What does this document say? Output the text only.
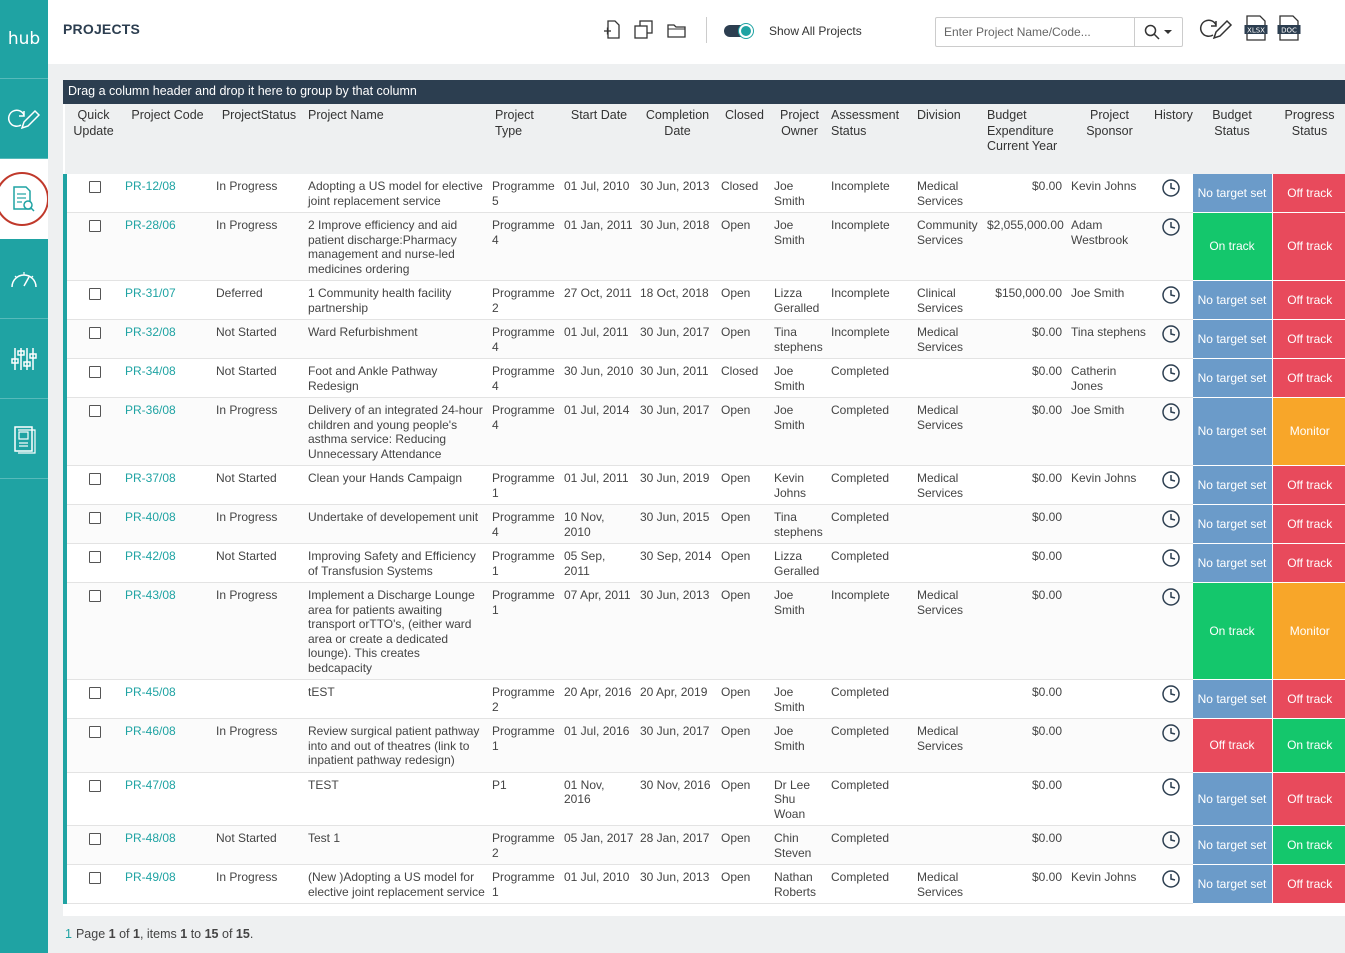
hub	PROJECTS	Show All Projects
Enter Project Name/Code...	XLSX DOC
Drag a column header and drop it here to group by that column
Quick Update	Project Code	ProjectStatus	Project Name	Project Type	Start Date	Completion Date	Closed	Project Owner	Assessment Status	Division	Budget Expenditure Current Year	Project Sponsor	History	Budget Status	Progress Status
	PR-12/08	In Progress	Adopting a US model for elective joint replacement service	Programme 5	01 Jul, 2010	30 Jun, 2013	Closed	Joe Smith	Incomplete	Medical Services	$0.00	Kevin Johns		No target set	Off track
	PR-28/06	In Progress	2 Improve efficiency and aid patient discharge:Pharmacy management and nurse-led medicines ordering	Programme 4	01 Jan, 2011	30 Jun, 2018	Open	Joe Smith	Incomplete	Community Services	$2,055,000.00	Adam Westbrook		On track	Off track
	PR-31/07	Deferred	1 Community health facility partnership	Programme 2	27 Oct, 2011	18 Oct, 2018	Open	Lizza Geralled	Incomplete	Clinical Services	$150,000.00	Joe Smith		No target set	Off track
	PR-32/08	Not Started	Ward Refurbishment	Programme 4	01 Jul, 2011	30 Jun, 2017	Open	Tina stephens	Incomplete	Medical Services	$0.00	Tina stephens		No target set	Off track
	PR-34/08	Not Started	Foot and Ankle Pathway Redesign	Programme 4	30 Jun, 2010	30 Jun, 2011	Closed	Joe Smith	Completed		$0.00	Catherin Jones		No target set	Off track
	PR-36/08	In Progress	Delivery of an integrated 24-hour children and young people's asthma service: Reducing Unnecessary Attendance	Programme 4	01 Jul, 2014	30 Jun, 2017	Open	Joe Smith	Completed	Medical Services	$0.00	Joe Smith		No target set	Monitor
	PR-37/08	Not Started	Clean your Hands Campaign	Programme 1	01 Jul, 2011	30 Jun, 2019	Open	Kevin Johns	Completed	Medical Services	$0.00	Kevin Johns		No target set	Off track
	PR-40/08	In Progress	Undertake of developement unit	Programme 4	10 Nov, 2010	30 Jun, 2015	Open	Tina stephens	Completed		$0.00			No target set	Off track
	PR-42/08	Not Started	Improving Safety and Efficiency of Transfusion Systems	Programme 1	05 Sep, 2011	30 Sep, 2014	Open	Lizza Geralled	Completed		$0.00			No target set	Off track
	PR-43/08	In Progress	Implement a Discharge Lounge area for patients awaiting transport orTTO's, (either ward area or create a dedicated lounge). This creates bedcapacity	Programme 1	07 Apr, 2011	30 Jun, 2013	Open	Joe Smith	Incomplete	Medical Services	$0.00			On track	Monitor
	PR-45/08		tEST	Programme 2	20 Apr, 2016	20 Apr, 2019	Open	Joe Smith	Completed		$0.00			No target set	Off track
	PR-46/08	In Progress	Review surgical patient pathway into and out of theatres (link to inpatient pathway redesign)	Programme 1	01 Jul, 2016	30 Jun, 2017	Open	Joe Smith	Completed	Medical Services	$0.00			Off track	On track
	PR-47/08		TEST	P1	01 Nov, 2016	30 Nov, 2016	Open	Dr Lee Shu Woan	Completed		$0.00			No target set	Off track
	PR-48/08	Not Started	Test 1	Programme 2	05 Jan, 2017	28 Jan, 2017	Open	Chin Steven	Completed		$0.00			No target set	On track
	PR-49/08	In Progress	(New )Adopting a US model for elective joint replacement service	Programme 1	01 Jul, 2010	30 Jun, 2013	Open	Nathan Roberts	Completed	Medical Services	$0.00	Kevin Johns		No target set	Off track
1 Page 1 of 1, items 1 to 15 of 15.
